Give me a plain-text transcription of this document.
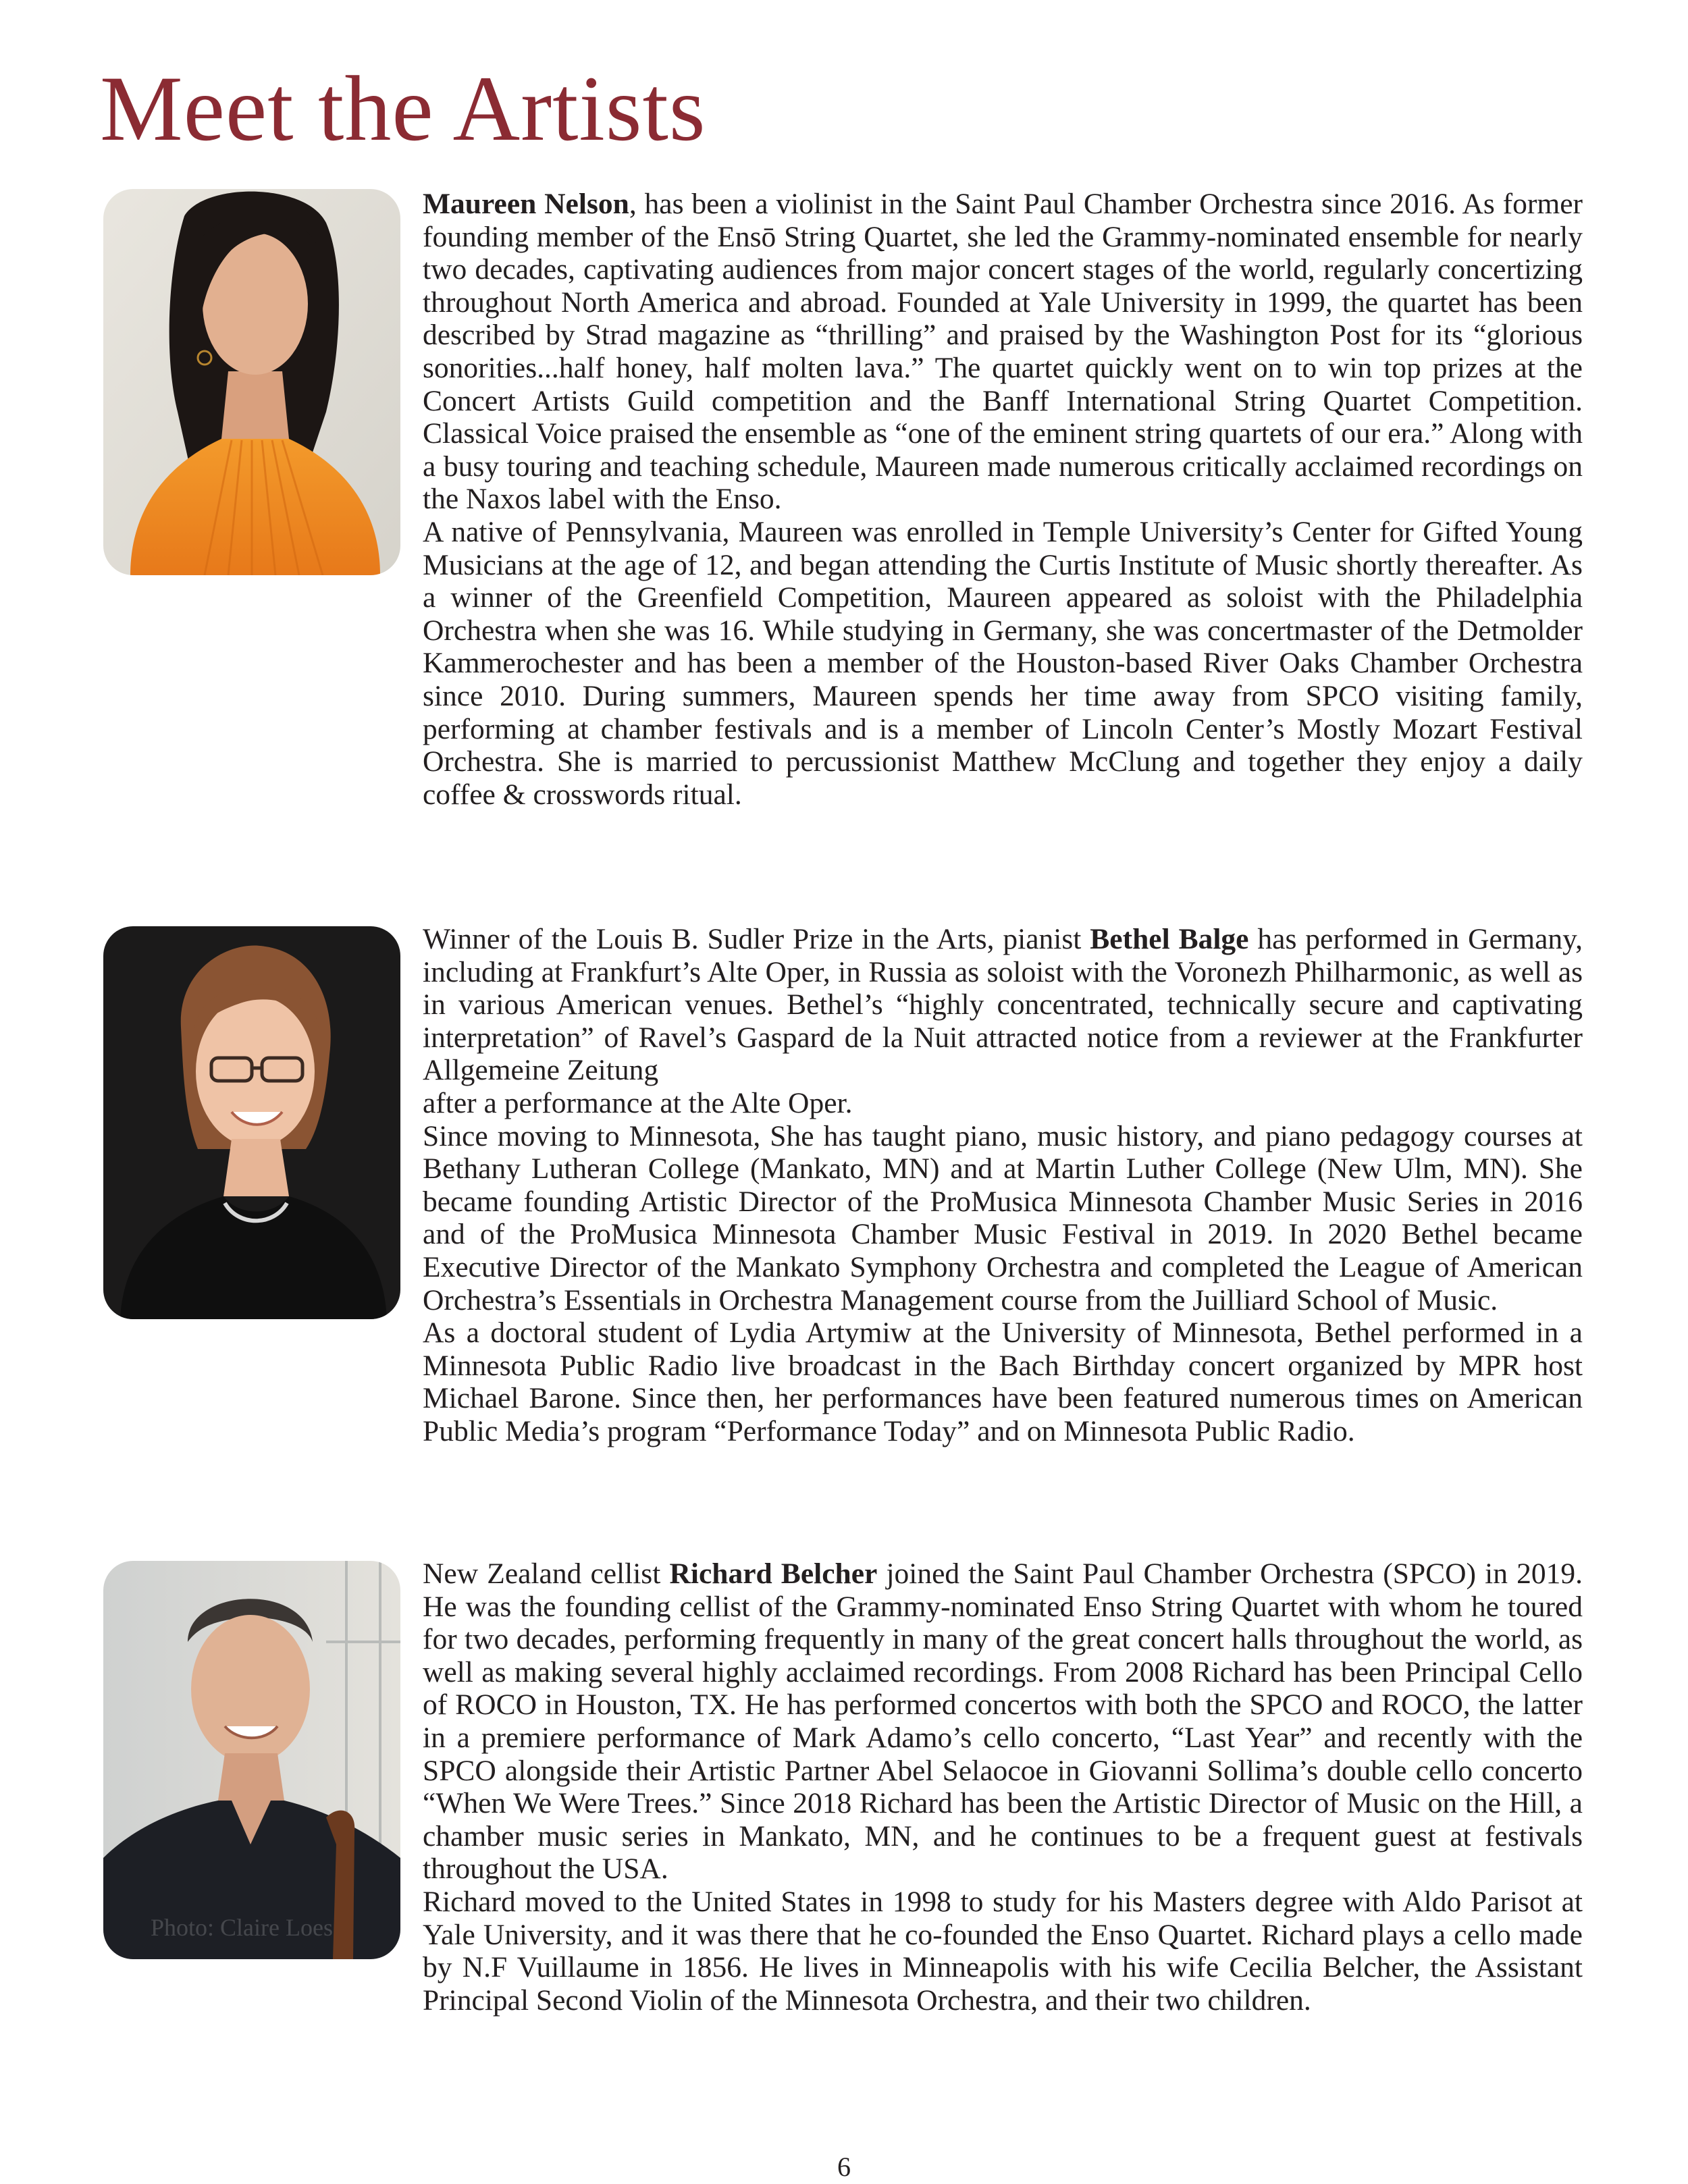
Meet the Artists

Maureen Nelson, has been a violinist in the Saint Paul Chamber Orchestra since 2016. As former founding member of the Ensō String Quartet, she led the Grammy-nominated ensemble for nearly two decades, captivating audiences from major concert stages of the world, regularly concertizing throughout North America and abroad. Founded at Yale University in 1999, the quartet has been described by Strad magazine as “thrilling” and praised by the Washington Post for its “glorious sonorities...half honey, half molten lava.” The quartet quickly went on to win top prizes at the Concert Artists Guild competition and the Banff International String Quartet Competition. Classical Voice praised the ensemble as “one of the eminent string quartets of our era.” Along with a busy touring and teaching schedule, Maureen made numerous critically acclaimed recordings on the Naxos label with the Enso.

A native of Pennsylvania, Maureen was enrolled in Temple University’s Center for Gifted Young Musicians at the age of 12, and began attending the Curtis Institute of Music shortly thereafter. As a winner of the Greenfield Competition, Maureen appeared as soloist with the Philadelphia Orchestra when she was 16. While studying in Germany, she was concertmaster of the Detmolder Kammerochester and has been a member of the Houston-based River Oaks Chamber Orchestra since 2010. During summers, Maureen spends her time away from SPCO visiting family, performing at chamber festivals and is a member of Lincoln Center’s Mostly Mozart Festival Orchestra. She is married to percussionist Matthew McClung and together they enjoy a daily coffee & crosswords ritual.

Winner of the Louis B. Sudler Prize in the Arts, pianist Bethel Balge has performed in Germany, including at Frankfurt’s Alte Oper, in Russia as soloist with the Voronezh Philharmonic, as well as in various American venues. Bethel’s “highly concentrated, technically secure and captivating interpretation” of Ravel’s Gaspard de la Nuit attracted notice from a reviewer at the Frankfurter Allgemeine Zeitung

after a performance at the Alte Oper.

Since moving to Minnesota, She has taught piano, music history, and piano pedagogy courses at Bethany Lutheran College (Mankato, MN) and at Martin Luther College (New Ulm, MN). She became founding Artistic Director of the ProMusica Minnesota Chamber Music Series in 2016 and of the ProMusica Minnesota Chamber Music Festival in 2019. In 2020 Bethel became Executive Director of the Mankato Symphony Orchestra and completed the League of American Orchestra’s Essentials in Orchestra Management course from the Juilliard School of Music.

As a doctoral student of Lydia Artymiw at the University of Minnesota, Bethel performed in a Minnesota Public Radio live broadcast in the Bach Birthday concert organized by MPR host Michael Barone. Since then, her performances have been featured numerous times on American Public Media’s program “Performance Today” and on Minnesota Public Radio.

Photo: Claire Loes

New Zealand cellist Richard Belcher joined the Saint Paul Chamber Orchestra (SPCO) in 2019. He was the founding cellist of the Grammy-nominated Enso String Quartet with whom he toured for two decades, performing frequently in many of the great concert halls throughout the world, as well as making several highly acclaimed recordings. From 2008 Richard has been Principal Cello of ROCO in Houston, TX. He has performed concertos with both the SPCO and ROCO, the latter in a premiere performance of Mark Adamo’s cello concerto, “Last Year” and recently with the SPCO alongside their Artistic Partner Abel Selaocoe in Giovanni Sollima’s double cello concerto “When We Were Trees.” Since 2018 Richard has been the Artistic Director of Music on the Hill, a chamber music series in Mankato, MN, and he continues to be a frequent guest at festivals throughout the USA.

Richard moved to the United States in 1998 to study for his Masters degree with Aldo Parisot at Yale University, and it was there that he co-founded the Enso Quartet. Richard plays a cello made by N.F Vuillaume in 1856. He lives in Minneapolis with his wife Cecilia Belcher, the Assistant Principal Second Violin of the Minnesota Orchestra, and their two children.

6
